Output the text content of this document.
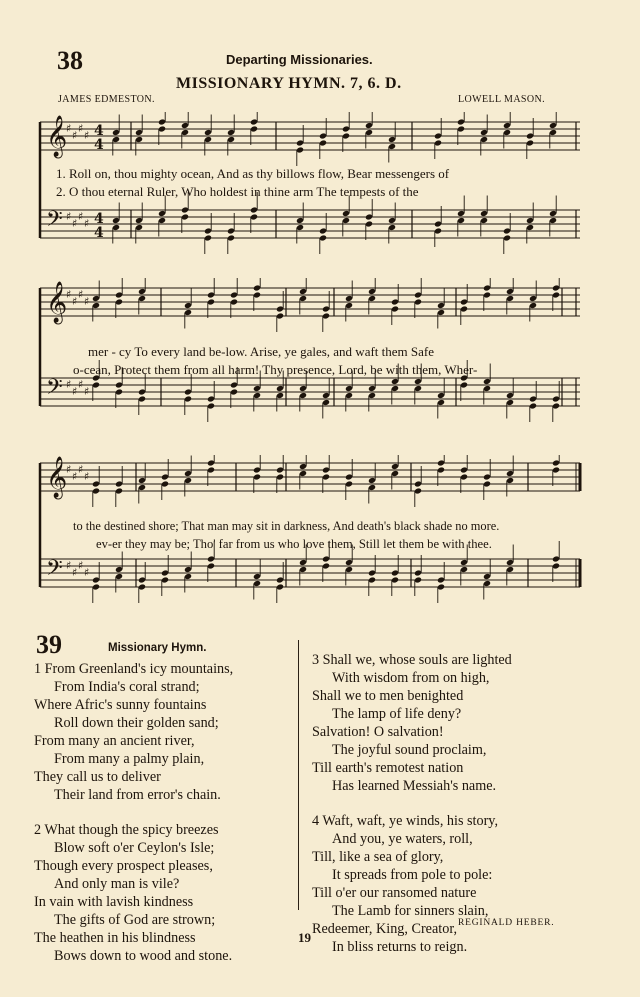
38	Departing Missionaries.
MISSIONARY HYMN. 7, 6. D.
JAMES EDMESTON.	LOWELL MASON.
𝄞
♯
♯
♯
♯ 4
4
𝄢 ♯
♯
♯
♯ 4
4
1. Roll on, thou mighty ocean, And as thy billows flow, Bear messengers of
2. O thou eternal Ruler, Who holdest in thine arm The tempests of the
𝄞
♯
♯
♯
♯
𝄢 ♯
♯
♯
♯
mer - cy To every land be-low. Arise, ye gales, and waft them Safe
o-cean, Protect them from all harm! Thy presence, Lord, be with them, Wher-
𝄞
♯
♯
♯
♯
𝄢 ♯
♯
♯
♯
to the destined shore; That man may sit in darkness, And death's black shade no more.
ev-er they may be; Tho' far from us who love them, Still let them be with thee.
39	Missionary Hymn.
1 From Greenland's icy mountains,
From India's coral strand;
Where Afric's sunny fountains
Roll down their golden sand;
From many an ancient river,
From many a palmy plain,
They call us to deliver
Their land from error's chain.
2 What though the spicy breezes
Blow soft o'er Ceylon's Isle;
Though every prospect pleases,
And only man is vile?
In vain with lavish kindness
The gifts of God are strown;
The heathen in his blindness
Bows down to wood and stone.
3 Shall we, whose souls are lighted
With wisdom from on high,
Shall we to men benighted
The lamp of life deny?
Salvation! O salvation!
The joyful sound proclaim,
Till earth's remotest nation
Has learned Messiah's name.
4 Waft, waft, ye winds, his story,
And you, ye waters, roll,
Till, like a sea of glory,
It spreads from pole to pole:
Till o'er our ransomed nature
The Lamb for sinners slain,
Redeemer, King, Creator,
In bliss returns to reign.
REGINALD HEBER.
19
